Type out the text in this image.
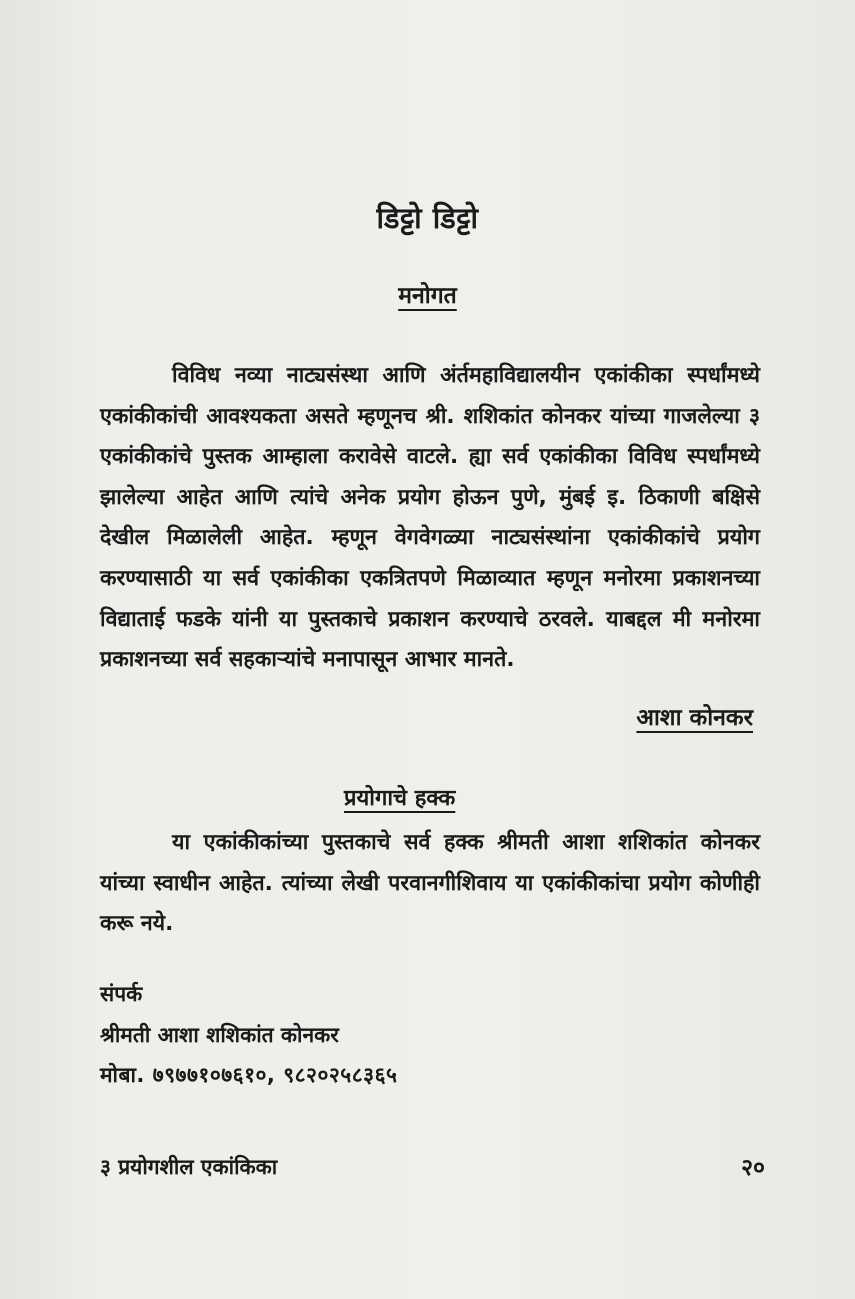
डिट्टो डिट्टो
मनोगत

विविध नव्या नाट्यसंस्था आणि अंर्तमहाविद्यालयीन एकांकीका स्पर्धांमध्ये एकांकीकांची आवश्यकता असते म्हणूनच श्री. शशिकांत कोनकर यांच्या गाजलेल्या ३ एकांकीकांचे पुस्तक आम्हाला करावेसे वाटले. ह्या सर्व एकांकीका विविध स्पर्धांमध्ये झालेल्या आहेत आणि त्यांचे अनेक प्रयोग होऊन पुणे, मुंबई इ. ठिकाणी बक्षिसे देखील मिळालेली आहेत. म्हणून वेगवेगळ्या नाट्यसंस्थांना एकांकीकांचे प्रयोग करण्यासाठी या सर्व एकांकीका एकत्रितपणे मिळाव्यात म्हणून मनोरमा प्रकाशनच्या विद्याताई फडके यांनी या पुस्तकाचे प्रकाशन करण्याचे ठरवले. याबद्दल मी मनोरमा प्रकाशनच्या सर्व सहकाऱ्यांचे मनापासून आभार मानते.

आशा कोनकर
प्रयोगाचे हक्क

या एकांकीकांच्या पुस्तकाचे सर्व हक्क श्रीमती आशा शशिकांत कोनकर यांच्या स्वाधीन आहेत. त्यांच्या लेखी परवानगीशिवाय या एकांकीकांचा प्रयोग कोणीही करू नये.

संपर्क
श्रीमती आशा शशिकांत कोनकर
मोबा. ७९७७१०७६१०, ९८२०२५८३६५
३ प्रयोगशील एकांकिका	२०
